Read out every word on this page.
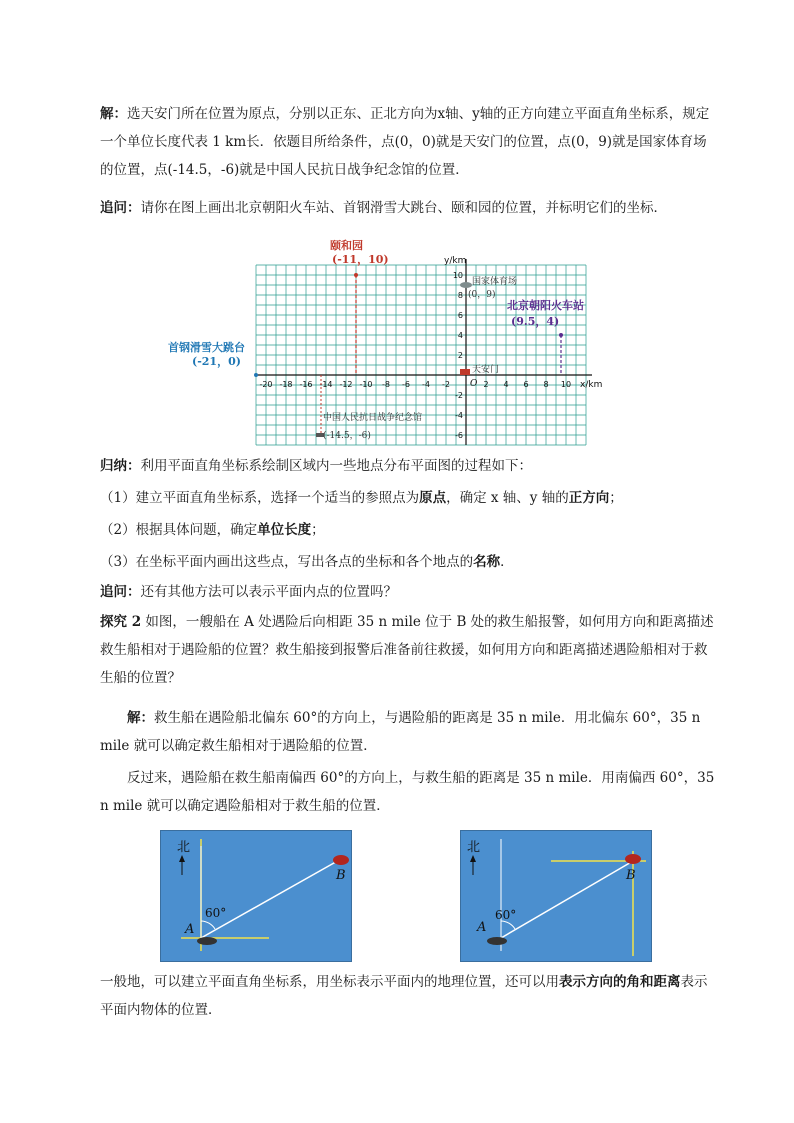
解：选天安门所在位置为原点，分别以正东、正北方向为x轴、y轴的正方向建立平面直角坐标系，规定一个单位长度代表 1 km长．依题目所给条件，点(0，0)就是天安门的位置，点(0，9)就是国家体育场的位置，点(-14.5，-6)就是中国人民抗日战争纪念馆的位置．
追问：请你在图上画出北京朝阳火车站、首钢滑雪大跳台、颐和园的位置，并标明它们的坐标．
-20 -18 -16 -14 -12 -10 -8 -6 -4 -2	2 4 6 8 10
10
8
6
4
2
-2
-4
-6
O
y/km
x/km
颐和园
(-11，10)
首钢滑雪大跳台
(-21，0)
北京朝阳火车站
(9.5，4)
国家体育场
(0，9)
天安门
中国人民抗日战争纪念馆
(-14.5，-6)
归纳：利用平面直角坐标系绘制区域内一些地点分布平面图的过程如下：
（1）建立平面直角坐标系，选择一个适当的参照点为原点，确定 x 轴、y 轴的正方向；
（2）根据具体问题，确定单位长度；
（3）在坐标平面内画出这些点，写出各点的坐标和各个地点的名称．
追问：还有其他方法可以表示平面内点的位置吗？
探究 2 如图，一艘船在 A 处遇险后向相距 35 n mile 位于 B 处的救生船报警，如何用方向和距离描述救生船相对于遇险船的位置？救生船接到报警后准备前往救援，如何用方向和距离描述遇险船相对于救生船的位置？
解：救生船在遇险船北偏东 60°的方向上，与遇险船的距离是 35 n mile．用北偏东 60°，35 n mile 就可以确定救生船相对于遇险船的位置．
反过来，遇险船在救生船南偏西 60°的方向上，与救生船的距离是 35 n mile．用南偏西 60°，35 n mile 就可以确定遇险船相对于救生船的位置．
北
60°
A
B
北
60°
A
B
一般地，可以建立平面直角坐标系，用坐标表示平面内的地理位置，还可以用表示方向的角和距离表示平面内物体的位置．
